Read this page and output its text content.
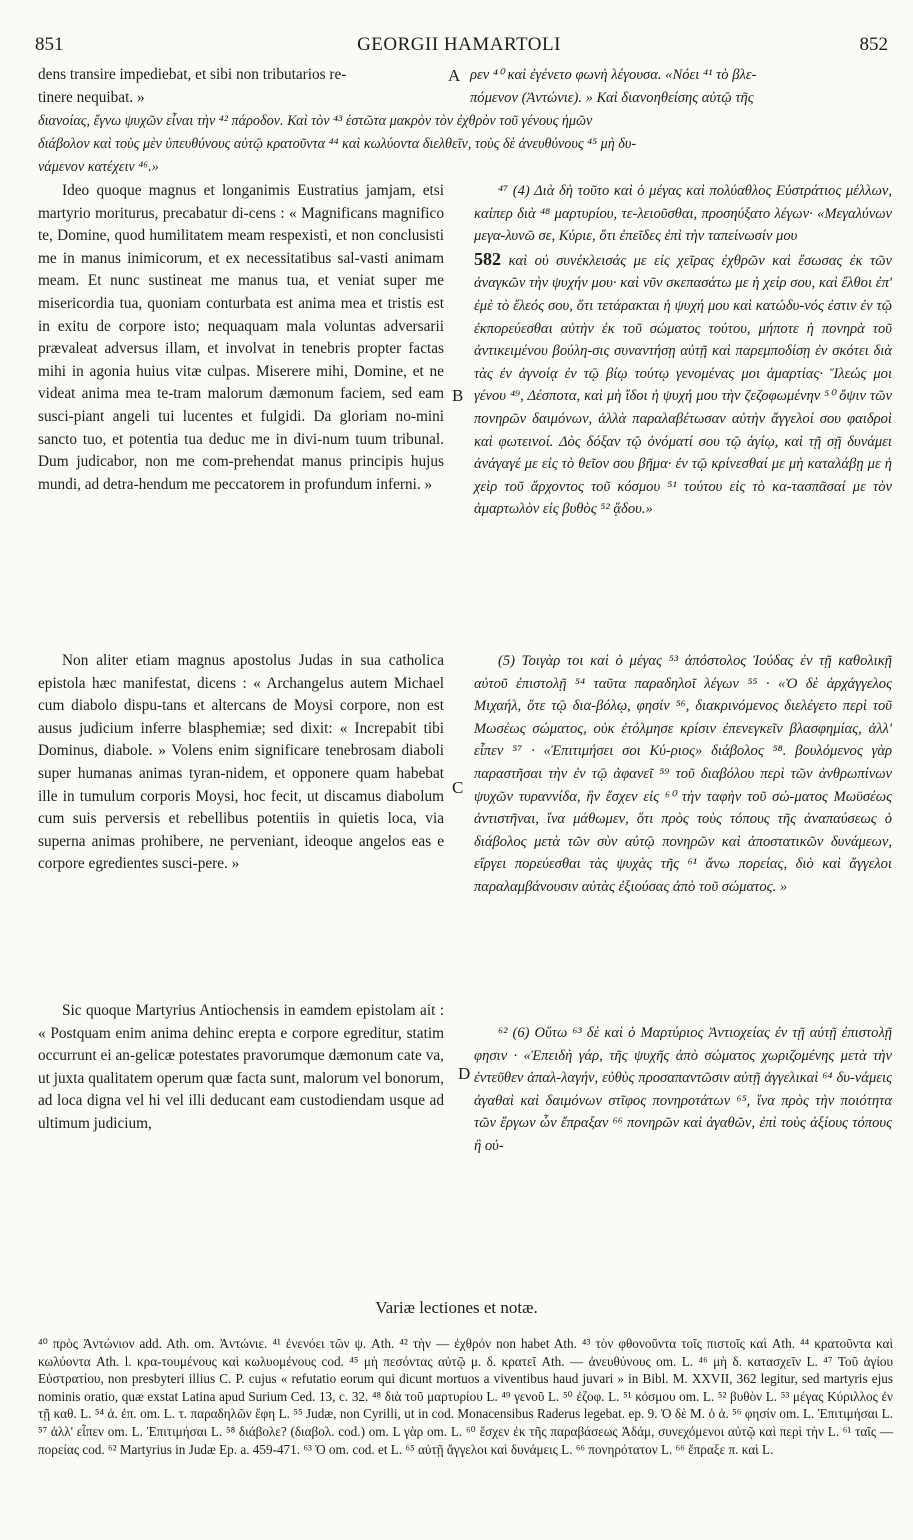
851	GEORGII HAMARTOLI	852

dens transire impediebat, et sibi non tributarios re-

tinere nequibat. »

A ρεν ⁴⁰ καὶ ἐγένετο φωνὴ λέγουσα. «Νόει ⁴¹ τὸ βλε-

πόμενον (Ἀντώνιε). » Καὶ διανοηθείσης αὐτῷ τῆς

διανοίας, ἔγνω ψυχῶν εἶναι τὴν ⁴² πάροδον. Καὶ τὸν ⁴³ ἑστῶτα μακρὸν τὸν ἐχθρὸν τοῦ γένους ἡμῶν
διάβολον καὶ τοὺς μὲν ὑπευθύνους αὐτῷ κρατοῦντα ⁴⁴ καὶ κωλύοντα διελθεῖν, τοὺς δὲ ἀνευθύνους ⁴⁵ μὴ δυ-
νάμενον κατέχειν ⁴⁶.»

Ideo quoque magnus et longanimis Eustratius jamjam, etsi martyrio moriturus, precabatur di-cens : « Magnificans magnifico te, Domine, quod humilitatem meam respexisti, et non conclusisti me in manus inimicorum, et ex necessitatibus sal-vasti animam meam. Et nunc sustineat me manus tua, et veniat super me misericordia tua, quoniam conturbata est anima mea et tristis est in exitu de corpore isto; nequaquam mala voluntas adversarii prævaleat adversus illam, et involvat in tenebris propter factas mihi in agonia huius vitæ culpas. Miserere mihi, Domine, et ne videat anima mea te-tram malorum dæmonum faciem, sed eam susci-piant angeli tui lucentes et fulgidi. Da gloriam no-mini sancto tuo, et potentia tua deduc me in divi-num tuum tribunal. Dum judicabor, non me com-prehendat manus principis hujus mundi, ad detra-hendum me peccatorem in profundum inferni. »

Non aliter etiam magnus apostolus Judas in sua catholica epistola hæc manifestat, dicens : « Archangelus autem Michael cum diabolo dispu-tans et altercans de Moysi corpore, non est ausus judicium inferre blasphemiæ; sed dixit: « Increpabit tibi Dominus, diabole. » Volens enim significare tenebrosam diaboli super humanas animas tyran-nidem, et opponere quam habebat ille in tumulum corporis Moysi, hoc fecit, ut discamus diabolum cum suis perversis et rebellibus potentiis in quietis loca, via superna animas prohibere, ne perveniant, ideoque angelos eas e corpore egredientes susci-pere. »

Sic quoque Martyrius Antiochensis in eamdem epistolam ait : « Postquam enim anima dehinc erepta e corpore egreditur, statim occurrunt ei an-gelicæ potestates pravorumque dæmonum cate va, ut juxta qualitatem operum quæ facta sunt, malorum vel bonorum, ad loca digna vel hi vel illi deducant eam custodiendam usque ad ultimum judicium,

B
C
D

⁴⁷ (4) Διὰ δὴ τοῦτο καὶ ὁ μέγας καὶ πολύαθλος Εὐστράτιος μέλλων, καίπερ διὰ ⁴⁸ μαρτυρίου, τε-λειοῦσθαι, προσηύξατο λέγων· «Μεγαλύνων μεγα-λυνῶ σε, Κύριε, ὅτι ἐπεῖδες ἐπὶ τὴν ταπείνωσίν μου

582 καὶ οὐ συνέκλεισάς με εἰς χεῖρας ἐχθρῶν καὶ ἔσωσας ἐκ τῶν ἀναγκῶν τὴν ψυχήν μου· καὶ νῦν σκεπασάτω με ἡ χείρ σου, καὶ ἔλθοι ἐπ' ἐμὲ τὸ ἔλεός σου, ὅτι τετάρακται ἡ ψυχή μου καὶ κατώδυ-νός ἐστιν ἐν τῷ ἐκπορεύεσθαι αὐτὴν ἐκ τοῦ σώματος τούτου, μήποτε ἡ πονηρὰ τοῦ ἀντικειμένου βούλη-σις συναντήσῃ αὐτῇ καὶ παρεμποδίσῃ ἐν σκότει διὰ τὰς ἐν ἀγνοίᾳ ἐν τῷ βίῳ τούτῳ γενομένας μοι ἁμαρτίας· Ἵλεώς μοι γένου ⁴⁹, Δέσποτα, καὶ μὴ ἴδοι ἡ ψυχή μου τὴν ζεζοφωμένην ⁵⁰ ὄψιν τῶν πονηρῶν δαιμόνων, ἀλλὰ παραλαβέτωσαν αὐτὴν ἄγγελοί σου φαιδροὶ καὶ φωτεινοί. Δὸς δόξαν τῷ ὀνόματί σου τῷ ἁγίῳ, καὶ τῇ σῇ δυνάμει ἀνάγαγέ με εἰς τὸ θεῖον σου βῆμα· ἐν τῷ κρίνεσθαί με μὴ καταλάβῃ με ἡ χεὶρ τοῦ ἄρχοντος τοῦ κόσμου ⁵¹ τούτου εἰς τὸ κα-τασπᾶσαί με τὸν ἁμαρτωλὸν εἰς βυθὸς ⁵² ᾅδου.»

(5) Τοιγὰρ τοι καὶ ὁ μέγας ⁵³ ἀπόστολος Ἰούδας ἐν τῇ καθολικῇ αὐτοῦ ἐπιστολῇ ⁵⁴ ταῦτα παραδηλοῖ λέγων ⁵⁵ · «Ὁ δὲ ἀρχάγγελος Μιχαήλ, ὅτε τῷ δια-βόλῳ, φησίν ⁵⁶, διακρινόμενος διελέγετο περὶ τοῦ Μωσέως σώματος, οὐκ ἐτόλμησε κρίσιν ἐπενεγκεῖν βλασφημίας, ἀλλ' εἶπεν ⁵⁷ · «Ἐπιτιμήσει σοι Κύ-ριος» διάβολος ⁵⁸. βουλόμενος γὰρ παραστῆσαι τὴν ἐν τῷ ἀφανεῖ ⁵⁹ τοῦ διαβόλου περὶ τῶν ἀνθρωπίνων ψυχῶν τυραννίδα, ἣν ἔσχεν εἰς ⁶⁰ τὴν ταφὴν τοῦ σώ-ματος Μωϋσέως ἀντιστῆναι, ἵνα μάθωμεν, ὅτι πρὸς τοὺς τόπους τῆς ἀναπαύσεως ὁ διάβολος μετὰ τῶν σὺν αὐτῷ πονηρῶν καὶ ἀποστατικῶν δυνάμεων, εἴργει πορεύεσθαι τὰς ψυχὰς τῆς ⁶¹ ἄνω πορείας, διὸ καὶ ἄγγελοι παραλαμβάνουσιν αὐτὰς ἐξιούσας ἀπὸ τοῦ σώματος. »

⁶² (6) Οὕτω ⁶³ δὲ καὶ ὁ Μαρτύριος Ἀντιοχείας ἐν τῇ αὐτῇ ἐπιστολῇ φησιν · «Ἐπειδὴ γάρ, τῆς ψυχῆς ἀπὸ σώματος χωριζομένης μετὰ τὴν ἐντεῦθεν ἀπαλ-λαγήν, εὐθὺς προσαπαντῶσιν αὐτῇ ἀγγελικαὶ ⁶⁴ δυ-νάμεις ἀγαθαὶ καὶ δαιμόνων στῖφος πονηροτάτων ⁶⁵, ἵνα πρὸς τὴν ποιότητα τῶν ἔργων ὧν ἔπραξαν ⁶⁶ πονηρῶν καὶ ἀγαθῶν, ἐπὶ τοὺς ἀξίους τόπους ἢ οὐ-

Variæ lectiones et notæ.

⁴⁰ πρὸς Ἀντώνιον add. Ath. om. Ἀντώνιε. ⁴¹ ἐνενόει τῶν ψ. Ath. ⁴² τὴν — ἐχθρόν non habet Ath. ⁴³ τὸν φθονοῦντα τοῖς πιστοῖς καὶ Ath. ⁴⁴ κρατοῦντα καὶ κωλύοντα Ath. l. κρα-τουμένους καὶ κωλυομένους cod. ⁴⁵ μὴ πεσόντας αὐτῷ μ. δ. κρατεῖ Ath. — ἀνευθύνους om. L. ⁴⁶ μὴ δ. κατασχεῖν L. ⁴⁷ Τοῦ ἁγίου Εὐστρατίου, non presbyteri illius C. P. cujus « refutatio eorum qui dicunt mortuos a viventibus haud juvari » in Bibl. M. XXVII, 362 legitur, sed martyris ejus nominis oratio, quæ exstat Latina apud Surium Ced. 13, c. 32. ⁴⁸ διὰ τοῦ μαρτυρίου L. ⁴⁹ γενοῦ L. ⁵⁰ ἐζοφ. L. ⁵¹ κόσμου om. L. ⁵² βυθὸν L. ⁵³ μέγας Κύριλλος ἐν τῇ καθ. L. ⁵⁴ ἀ. ἐπ. om. L. τ. παραδηλῶν ἔφη L. ⁵⁵ Judæ, non Cyrilli, ut in cod. Monacensibus Raderus legebat. ep. 9. Ὁ δὲ Μ. ὁ ἀ. ⁵⁶ φησίν om. L. Ἐπιτιμήσαι L. ⁵⁷ ἀλλ' εἶπεν om. L. Ἐπιτιμήσαι L. ⁵⁸ διάβολε? (διαβολ. cod.) om. L γὰρ om. L. ⁶⁰ ἔσχεν ἐκ τῆς παραβάσεως Ἀδάμ, συνεχόμενοι αὐτῷ καὶ περὶ τὴν L. ⁶¹ ταῖς — πορείας cod. ⁶² Martyrius in Judæ Ep. a. 459-471. ⁶³ Ὁ om. cod. et L. ⁶⁵ αὐτῇ ἄγγελοι καὶ δυνάμεις L. ⁶⁶ πονηρότατον L. ⁶⁶ ἔπραξε π. καὶ L.
